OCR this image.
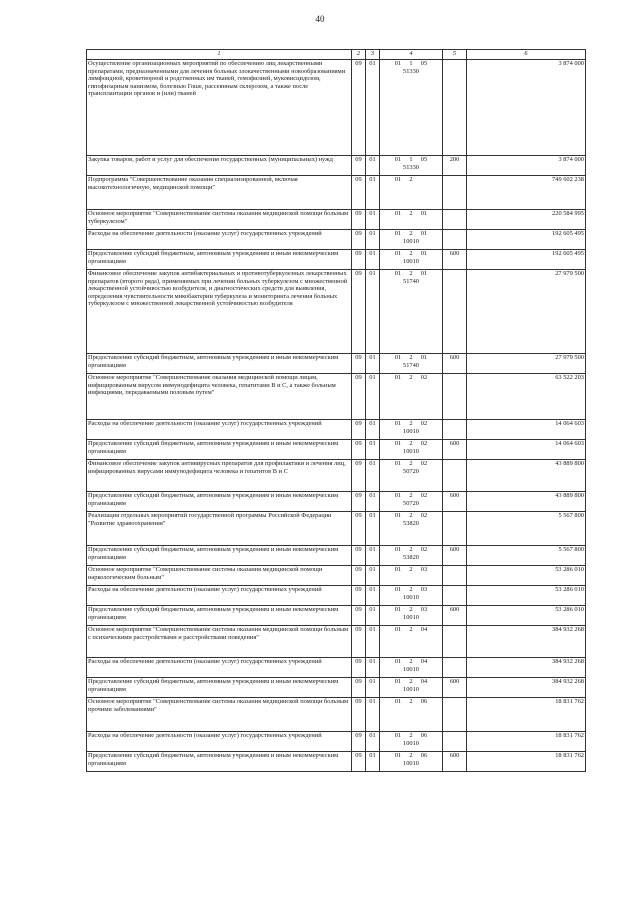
40
1	2	3	4	5	6
Осуществление организационных мероприятий по обеспечению лиц лекарственными препаратами, предназначенными для лечения больных злокачественными новообразованиями лимфоидной, кроветворной и родственных им тканей, гемофилией, муковисцидозом, гипофизарным нанизмом, болезнью Гоше, рассеянным склерозом, а также после трансплантации органов и (или) тканей	09	01	01 1 0551330		3 874 000
Закупка товаров, работ и услуг для обеспечения государственных (муниципальных) нужд	09	01	01 1 0551330	200	3 874 000
Подпрограмма "Совершенствование оказания специализированной, включая высокотехнологичную, медицинской помощи"	09	01	01 2		749 602 238
Основное мероприятие "Совершенствование системы оказания медицинской помощи больным туберкулезом"	09	01	01 2 01		220 584 995
Расходы на обеспечение деятельности (оказание услуг) государственных учреждений	09	01	01 2 0110010		192 605 495
Предоставление субсидий бюджетным, автономным учреждениям и иным некоммерческим организациям	09	01	01 2 0110010	600	192 605 495
Финансовое обеспечение закупок антибактериальных и противотуберкулезных лекарственных препаратов (второго ряда), применяемых при лечении больных туберкулезом с множественной лекарственной устойчивостью возбудителя, и диагностических средств для выявления, определения чувствительности микобактерии туберкулеза и мониторинга лечения больных туберкулезом с множественной лекарственной устойчивостью возбудителя	09	01	01 2 0151740		27 979 500
Предоставление субсидий бюджетным, автономным учреждениям и иным некоммерческим организациям	09	01	01 2 0151740	600	27 979 500
Основное мероприятие "Совершенствование оказания медицинской помощи лицам, инфицированным вирусом иммунодефицита человека, гепатитами В и С, а также больным инфекциями, передаваемыми половым путем"	09	01	01 2 02		63 522 203
Расходы на обеспечение деятельности (оказание услуг) государственных учреждений	09	01	01 2 0210010		14 064 603
Предоставление субсидий бюджетным, автономным учреждениям и иным некоммерческим организациям	09	01	01 2 0210010	600	14 064 603
Финансовое обеспечение закупок антивирусных препаратов для профилактики и лечения лиц, инфицированных вирусами иммунодефицита человека и гепатитов В и С	09	01	01 2 0250720		43 889 800
Предоставление субсидий бюджетным, автономным учреждениям и иным некоммерческим организациям	09	01	01 2 0250720	600	43 889 800
Реализация отдельных мероприятий государственной программы Российской Федерации "Развитие здравоохранения"	09	01	01 2 0253820		5 567 800
Предоставление субсидий бюджетным, автономным учреждениям и иным некоммерческим организациям	09	01	01 2 0253820	600	5 567 800
Основное мероприятие "Совершенствование системы оказания медицинской помощи наркологическим больным"	09	01	01 2 03		53 286 010
Расходы на обеспечение деятельности (оказание услуг) государственных учреждений	09	01	01 2 0310010		53 286 010
Предоставление субсидий бюджетным, автономным учреждениям и иным некоммерческим организациям	09	01	01 2 0310010	600	53 286 010
Основное мероприятие "Совершенствование системы оказания медицинской помощи больным с психическими расстройствами и расстройствами поведения"	09	01	01 2 04		384 932 268
Расходы на обеспечение деятельности (оказание услуг) государственных учреждений	09	01	01 2 0410010		384 932 268
Предоставление субсидий бюджетным, автономным учреждениям и иным некоммерческим организациям	09	01	01 2 0410010	600	384 932 268
Основное мероприятие "Совершенствование системы оказания медицинской помощи больным прочими заболеваниями"	09	01	01 2 06		18 831 762
Расходы на обеспечение деятельности (оказание услуг) государственных учреждений	09	01	01 2 0610010		18 831 762
Предоставление субсидий бюджетным, автономным учреждениям и иным некоммерческим организациям	09	01	01 2 0610010	600	18 831 762
